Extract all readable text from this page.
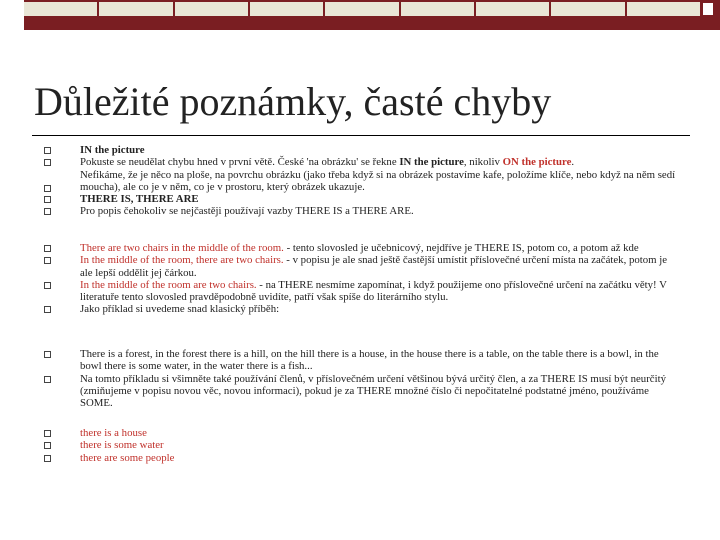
Důležité poznámky, časté chyby
IN the picture
Pokuste se neudělat chybu hned v první větě. České 'na obrázku' se řekne IN the picture, nikoliv ON the picture.
Nefikáme, že je něco na ploše, na povrchu obrázku (jako třeba když si na obrázek postavíme kafe, položíme klíče, nebo když na něm sedí moucha), ale co je v něm, co je v prostoru, který obrázek ukazuje.
THERE IS, THERE ARE
Pro popis čehokoliv se nejčastěji používají vazby THERE IS a THERE ARE.
There are two chairs in the middle of the room. - tento slovosled je učebnicový, nejdříve je THERE IS, potom co, a potom až kde
In the middle of the room, there are two chairs. - v popisu je ale snad ještě častější umístit příslovečné určení místa na začátek, potom je ale lepší oddělit jej čárkou.
In the middle of the room are two chairs. - na THERE nesmíme zapomínat, i když použijeme ono příslovečné určení na začátku věty! V literatuře tento slovosled pravděpodobně uvidíte, patří však spíše do literárního stylu.
Jako příklad si uvedeme snad klasický příběh:
There is a forest, in the forest there is a hill, on the hill there is a house, in the house there is a table, on the table there is a bowl, in the bowl there is some water, in the water there is a fish...
Na tomto příkladu si všimněte také používání členů, v příslovečném určení většinou bývá určitý člen, a za THERE IS musí být neurčitý (zmiňujeme v popisu novou věc, novou informaci), pokud je za THERE množné číslo či nepočitatelné podstatné jméno, používáme SOME.
there is a house
there is some water
there are some people
